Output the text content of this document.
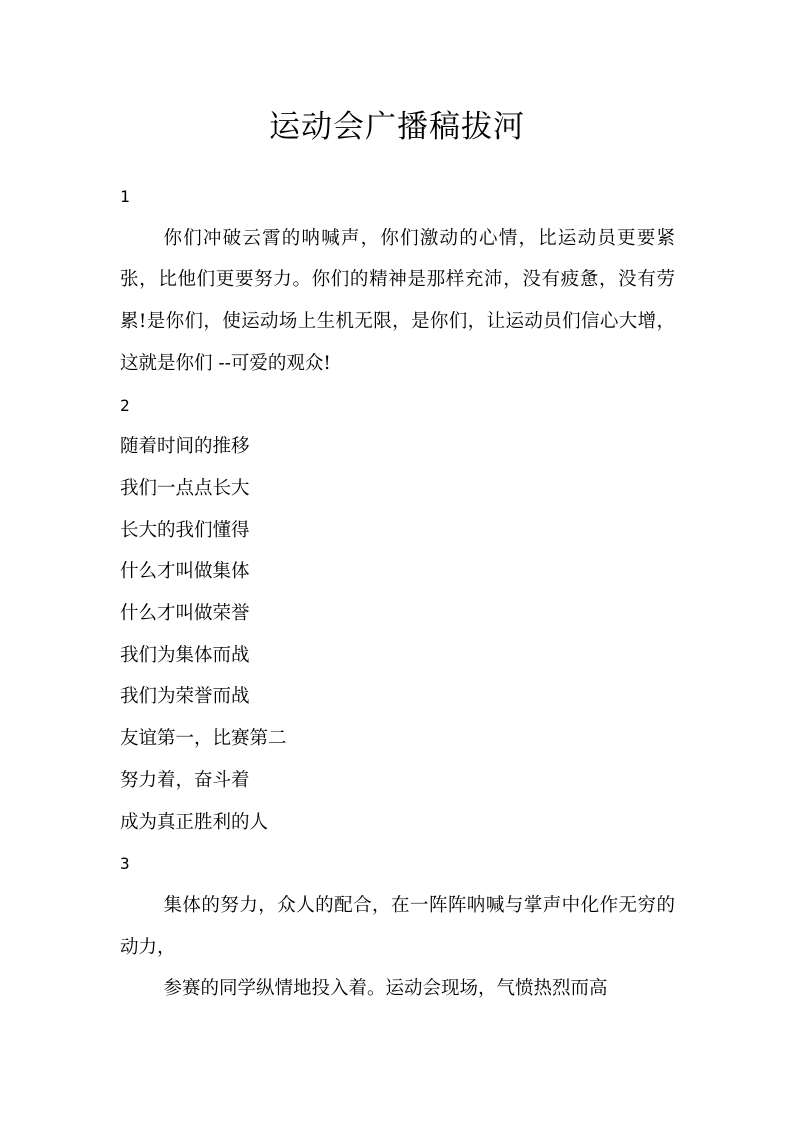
运动会广播稿拔河

1

你们冲破云霄的呐喊声，你们激动的心情，比运动员更要紧张，比他们更要努力。你们的精神是那样充沛，没有疲惫，没有劳累!是你们，使运动场上生机无限，是你们，让运动员们信心大增，这就是你们 --可爱的观众!

2

随着时间的推移

我们一点点长大

长大的我们懂得

什么才叫做集体

什么才叫做荣誉

我们为集体而战

我们为荣誉而战

友谊第一，比赛第二

努力着，奋斗着

成为真正胜利的人

3

集体的努力，众人的配合，在一阵阵呐喊与掌声中化作无穷的动力，

参赛的同学纵情地投入着。运动会现场，气愤热烈而高
